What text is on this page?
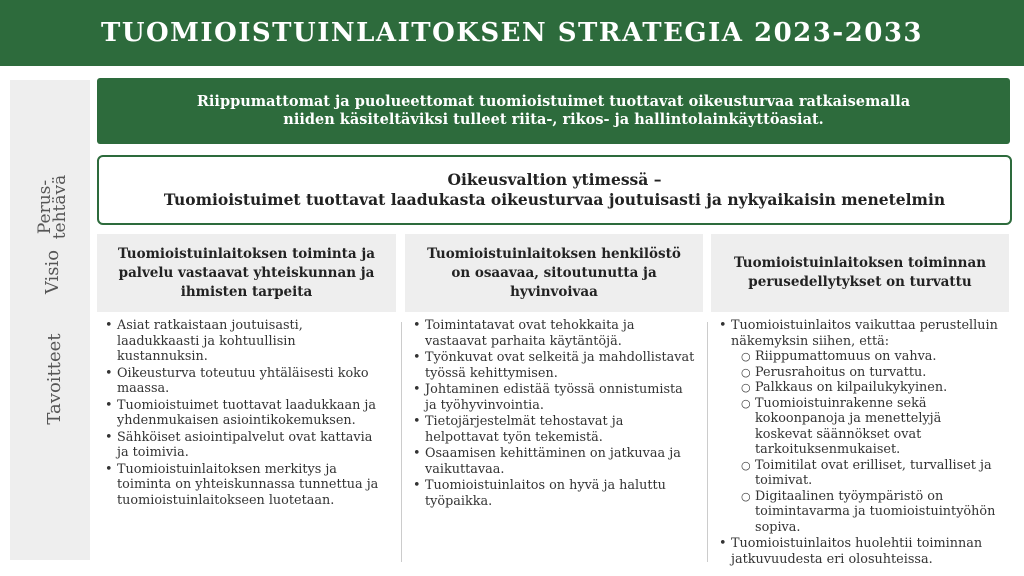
TUOMIOISTUINLAITOKSEN STRATEGIA 2023-2033
Perus-
tehtävä
Visio
Tavoitteet
Riippumattomat ja puolueettomat tuomioistuimet tuottavat oikeusturvaa ratkaisemalla
niiden käsiteltäviksi tulleet riita-, rikos- ja hallintolainkäyttöasiat.
Oikeusvaltion ytimessä –
Tuomioistuimet tuottavat laadukasta oikeusturvaa joutuisasti ja nykyaikaisin menetelmin
Tuomioistuinlaitoksen toiminta ja palvelu vastaavat yhteiskunnan ja ihmisten tarpeita
• Asiat ratkaistaan joutuisasti, laadukkaasti ja kohtuullisin kustannuksin.
• Oikeusturva toteutuu yhtäläisesti koko maassa.
• Tuomioistuimet tuottavat laadukkaan ja yhdenmukaisen asiointikokemuksen.
• Sähköiset asiointipalvelut ovat kattavia ja toimivia.
• Tuomioistuinlaitoksen merkitys ja toiminta on yhteiskunnassa tunnettua ja tuomioistuinlaitokseen luotetaan.
Tuomioistuinlaitoksen henkilöstö on osaavaa, sitoutunutta ja hyvinvoivaa
• Toimintatavat ovat tehokkaita ja vastaavat parhaita käytäntöjä.
• Työnkuvat ovat selkeitä ja mahdollistavat työssä kehittymisen.
• Johtaminen edistää työssä onnistumista ja työhyvinvointia.
• Tietojärjestelmät tehostavat ja helpottavat työn tekemistä.
• Osaamisen kehittäminen on jatkuvaa ja vaikuttavaa.
• Tuomioistuinlaitos on hyvä ja haluttu työpaikka.
Tuomioistuinlaitoksen toiminnan perusedellytykset on turvattu
• Tuomioistuinlaitos vaikuttaa perustelluin näkemyksin siihen, että:
○ Riippumattomuus on vahva.
○ Perusrahoitus on turvattu.
○ Palkkaus on kilpailukykyinen.
○ Tuomioistuinrakenne sekä kokoonpanoja ja menettelyjä koskevat säännökset ovat tarkoituksenmukaiset.
○ Toimitilat ovat erilliset, turvalliset ja toimivat.
○ Digitaalinen työympäristö on toimintavarma ja tuomioistuintyöhön sopiva.
• Tuomioistuinlaitos huolehtii toiminnan jatkuvuudesta eri olosuhteissa.
